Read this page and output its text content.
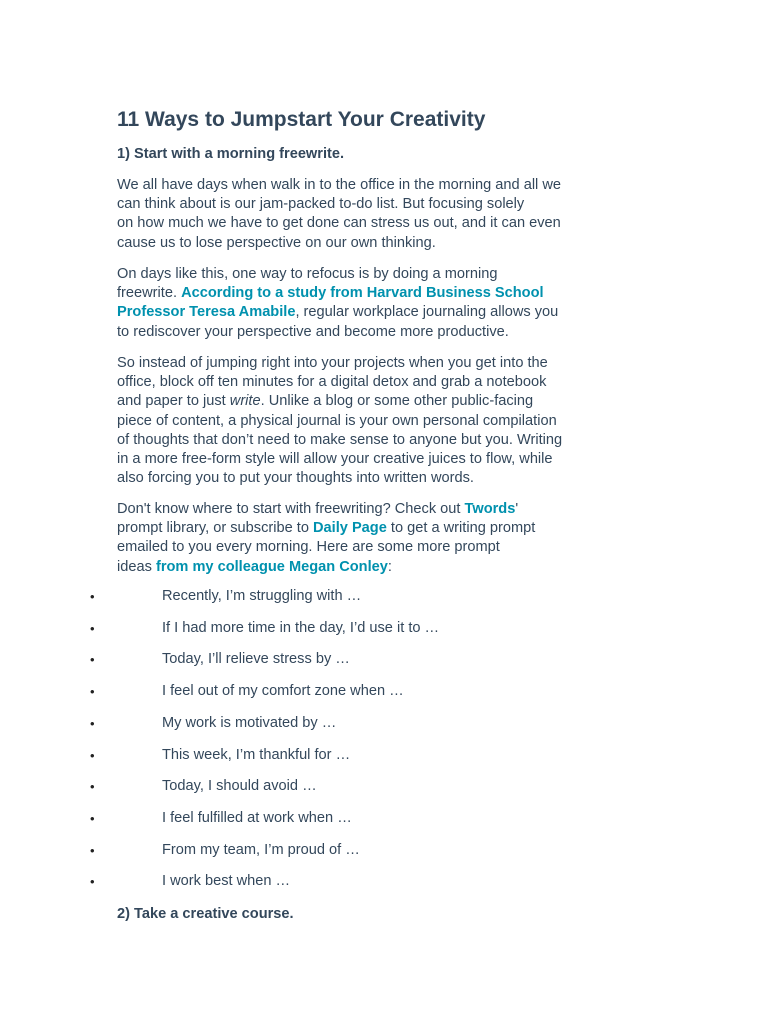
11 Ways to Jumpstart Your Creativity
1) Start with a morning freewrite.

We all have days when walk in to the office in the morning and all we
can think about is our jam-packed to-do list. But focusing solely
on how much we have to get done can stress us out, and it can even
cause us to lose perspective on our own thinking.

On days like this, one way to refocus is by doing a morning
freewrite. According to a study from Harvard Business School
Professor Teresa Amabile, regular workplace journaling allows you
to rediscover your perspective and become more productive.

So instead of jumping right into your projects when you get into the
office, block off ten minutes for a digital detox and grab a notebook
and paper to just write. Unlike a blog or some other public-facing
piece of content, a physical journal is your own personal compilation
of thoughts that don’t need to make sense to anyone but you. Writing
in a more free-form style will allow your creative juices to flow, while
also forcing you to put your thoughts into written words.

Don't know where to start with freewriting? Check out Twords'
prompt library, or subscribe to Daily Page to get a writing prompt
emailed to you every morning. Here are some more prompt
ideas from my colleague Megan Conley:

•	Recently, I’m struggling with …
•	If I had more time in the day, I’d use it to …
•	Today, I’ll relieve stress by …
•	I feel out of my comfort zone when …
•	My work is motivated by …
•	This week, I’m thankful for …
•	Today, I should avoid …
•	I feel fulfilled at work when …
•	From my team, I’m proud of …
•	I work best when …
2) Take a creative course.
